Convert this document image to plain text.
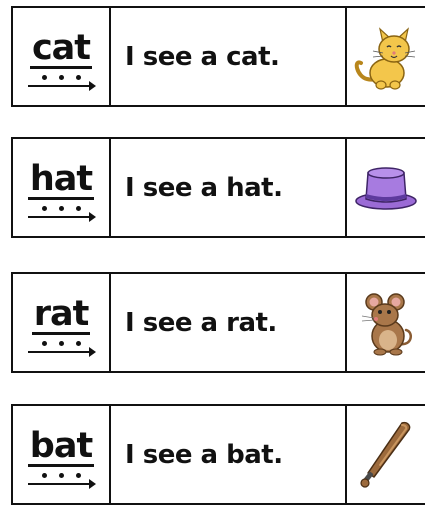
cat I see a cat.
hat I see a hat.
rat I see a rat.
bat I see a bat.
